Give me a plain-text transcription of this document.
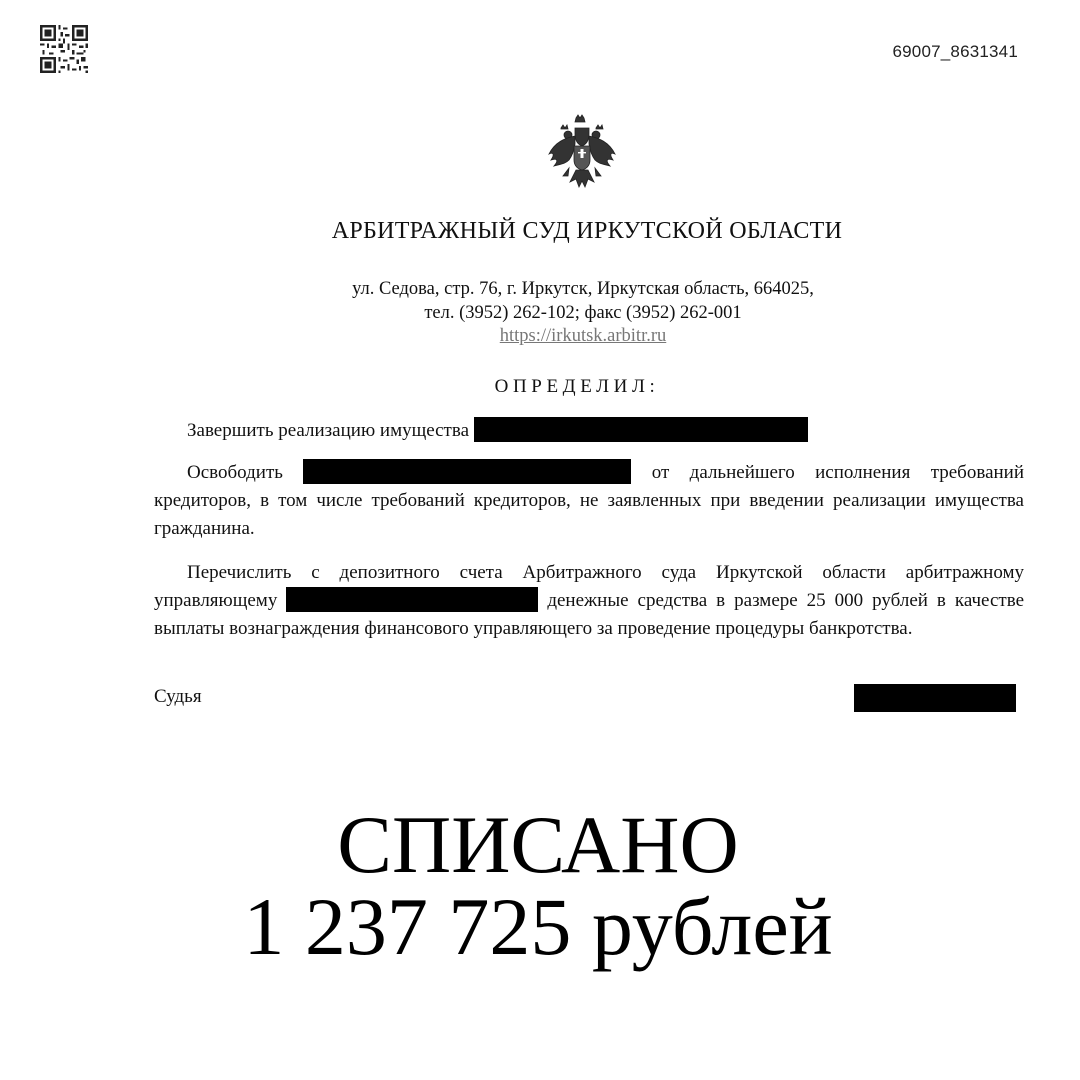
69007_8631341
АРБИТРАЖНЫЙ СУД ИРКУТСКОЙ ОБЛАСТИ
ул. Седова, стр. 76, г. Иркутск, Иркутская область, 664025,
тел. (3952) 262-102; факс (3952) 262-001
https://irkutsk.arbitr.ru
ОПРЕДЕЛИЛ:
Завершить реализацию имущества
Освободить	от дальнейшего исполнения требований кредиторов, в том числе требований кредиторов, не заявленных при введении реализации имущества гражданина.
Перечислить с депозитного счета Арбитражного суда Иркутской области арбитражному управляющему	денежные средства в размере 25 000 рублей в качестве выплаты вознаграждения финансового управляющего за проведение процедуры банкротства.
Судья
СПИСАНО
1 237 725 рублей
